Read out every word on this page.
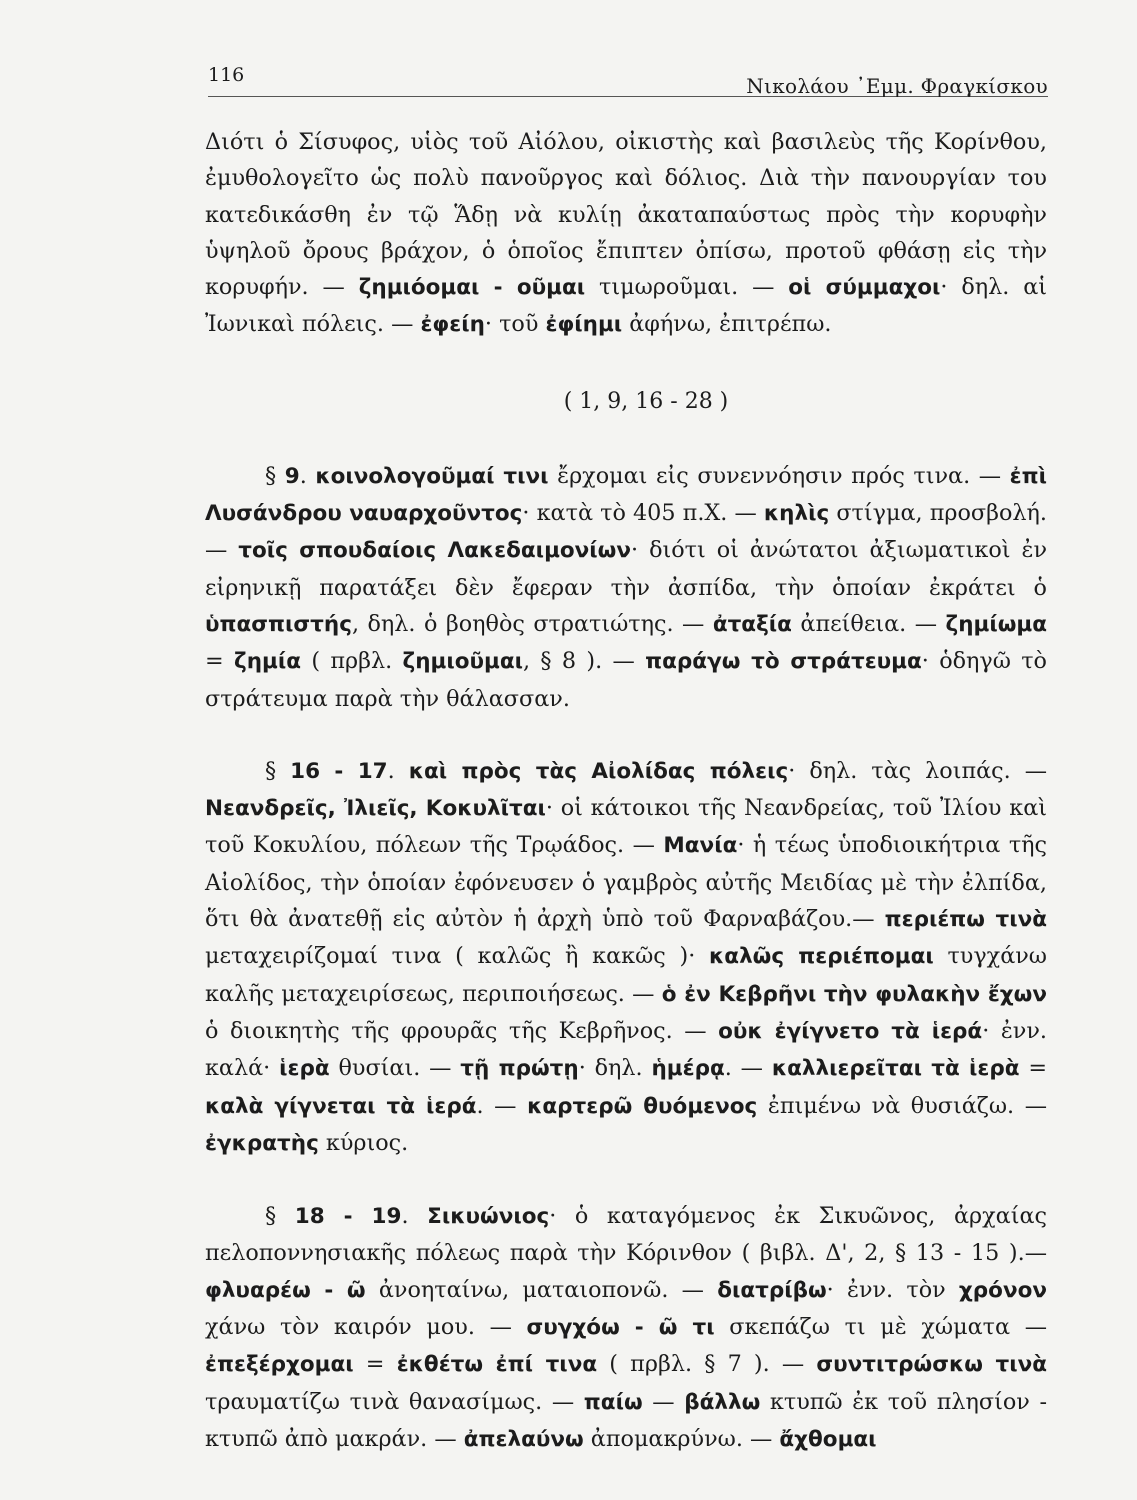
116	Νικολάου ᾿Εμμ. Φραγκίσκου

Διότι ὁ Σίσυφος, υἱὸς τοῦ Αἰόλου, οἰκιστὴς καὶ βασιλεὺς τῆς Κορίνθου, ἐμυθολογεῖτο ὡς πολὺ πανοῦργος καὶ δόλιος. Διὰ τὴν πανουργίαν του κατεδικάσθη ἐν τῷ Ἅδῃ νὰ κυλίῃ ἀκαταπαύστως πρὸς τὴν κορυφὴν ὑψηλοῦ ὄρους βράχον, ὁ ὁποῖος ἔπιπτεν ὀπίσω, προτοῦ φθάσῃ εἰς τὴν κορυφήν. — ζημιόομαι - οῦμαι τιμωροῦμαι. — οἱ σύμμαχοι· δηλ. αἱ Ἰωνικαὶ πόλεις. — ἐφείη· τοῦ ἐφίημι ἀφήνω, ἐπιτρέπω.

( 1, 9, 16 - 28 )

§ 9. κοινολογοῦμαί τινι ἔρχομαι εἰς συνεννόησιν πρός τινα. — ἐπὶ Λυσάνδρου ναυαρχοῦντος· κατὰ τὸ 405 π.Χ. — κηλὶς στίγμα, προσβολή. — τοῖς σπουδαίοις Λακεδαιμονίων· διότι οἱ ἀνώτατοι ἀξιωματικοὶ ἐν εἰρηνικῇ παρατάξει δὲν ἔφεραν τὴν ἀσπίδα, τὴν ὁποίαν ἐκράτει ὁ ὑπασπιστής, δηλ. ὁ βοηθὸς στρατιώτης. — ἀταξία ἀπείθεια. — ζημίωμα = ζημία ( πρβλ. ζημιοῦμαι, § 8 ). — παράγω τὸ στράτευμα· ὁδηγῶ τὸ στράτευμα παρὰ τὴν θάλασσαν.

§ 16 - 17. καὶ πρὸς τὰς Αἰολίδας πόλεις· δηλ. τὰς λοιπάς. — Νεανδρεῖς, Ἰλιεῖς, Κοκυλῖται· οἱ κάτοικοι τῆς Νεανδρείας, τοῦ Ἰλίου καὶ τοῦ Κοκυλίου, πόλεων τῆς Τρῳάδος. — Μανία· ἡ τέως ὑποδιοικήτρια τῆς Αἰολίδος, τὴν ὁποίαν ἐφόνευσεν ὁ γαμβρὸς αὐτῆς Μειδίας μὲ τὴν ἐλπίδα, ὅτι θὰ ἀνατεθῇ εἰς αὐτὸν ἡ ἀρχὴ ὑπὸ τοῦ Φαρναβάζου.— περιέπω τινὰ μεταχειρίζομαί τινα ( καλῶς ἢ κακῶς )· καλῶς περιέπομαι τυγχάνω καλῆς μεταχειρίσεως, περιποιήσεως. — ὁ ἐν Κεβρῆνι τὴν φυλακὴν ἔχων ὁ διοικητὴς τῆς φρουρᾶς τῆς Κεβρῆνος. — οὐκ ἐγίγνετο τὰ ἱερά· ἐνν. καλά· ἱερὰ θυσίαι. — τῇ πρώτῃ· δηλ. ἡμέρᾳ. — καλλιερεῖται τὰ ἱερὰ = καλὰ γίγνεται τὰ ἱερά. — καρτερῶ θυόμενος ἐπιμένω νὰ θυσιάζω. — ἐγκρατὴς κύριος.

§ 18 - 19. Σικυώνιος· ὁ καταγόμενος ἐκ Σικυῶνος, ἀρχαίας πελοποννησιακῆς πόλεως παρὰ τὴν Κόρινθον ( βιβλ. Δ', 2, § 13 - 15 ).— φλυαρέω - ῶ ἀνοηταίνω, ματαιοπονῶ. — διατρίβω· ἐνν. τὸν χρόνον χάνω τὸν καιρόν μου. — συγχόω - ῶ τι σκεπάζω τι μὲ χώματα — ἐπεξέρχομαι = ἐκθέτω ἐπί τινα ( πρβλ. § 7 ). — συντιτρώσκω τινὰ τραυματίζω τινὰ θανασίμως. — παίω — βάλλω κτυπῶ ἐκ τοῦ πλησίον - κτυπῶ ἀπὸ μακράν. — ἀπελαύνω ἀπομακρύνω. — ἄχθομαι
